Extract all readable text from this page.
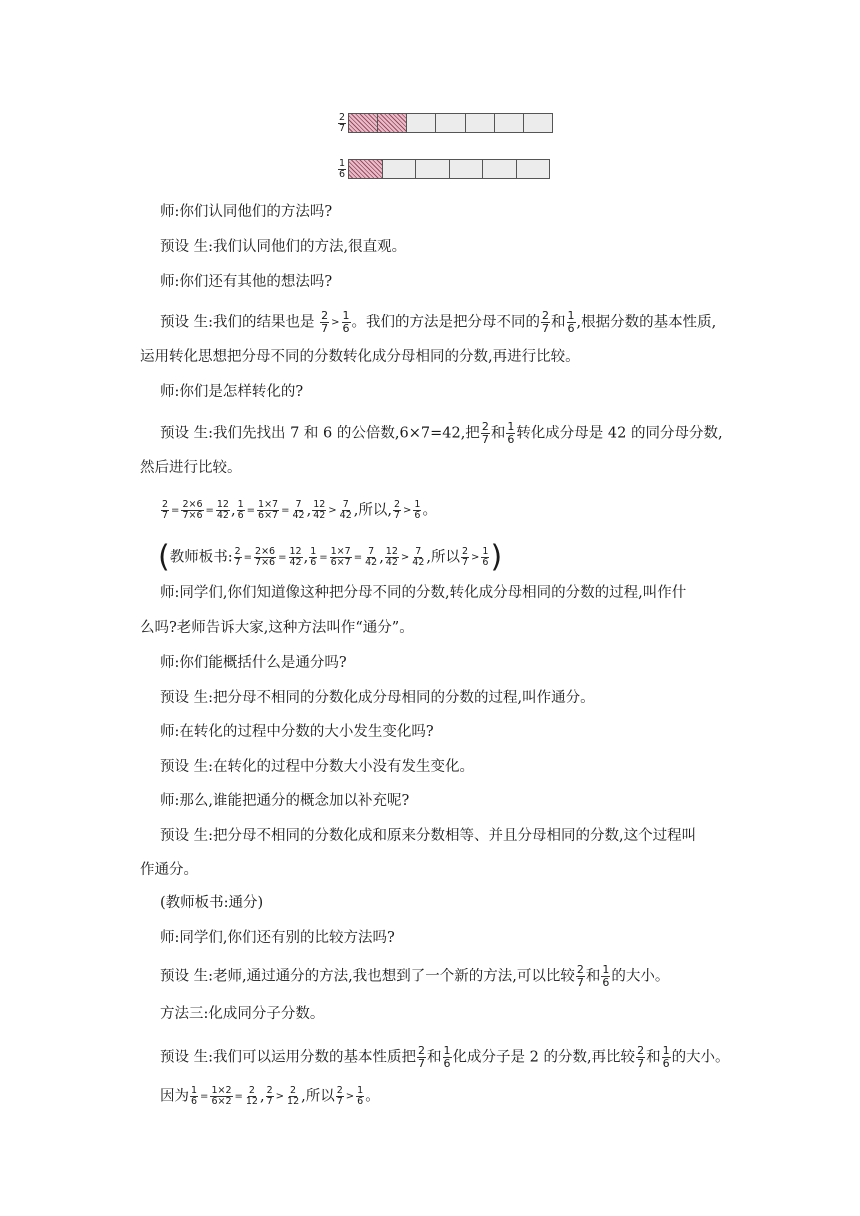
$\frac{2}{7}$
$\frac{1}{6}$
师:你们认同他们的方法吗?
预设 生:我们认同他们的方法,很直观。
师:你们还有其他的想法吗?
预设 生:我们的结果也是 $\frac{2}{7} > \frac{1}{6}$ 。我们的方法是把分母不同的 $\frac{2}{7}$ 和 $\frac{1}{6}$ ,根据分数的基本性质,
运用转化思想把分母不同的分数转化成分母相同的分数,再进行比较。
师:你们是怎样转化的?
预设 生:我们先找出 7 和 6 的公倍数,6×7=42,把 $\frac{2}{7}$ 和 $\frac{1}{6}$ 转化成分母是 42 的同分母分数,
然后进行比较。
$\frac{2}{7} = \frac{2\times 6}{7\times 6} = \frac{12}{42}$ , $\frac{1}{6} = \frac{1\times 7}{6\times 7} = \frac{7}{42}$ , $\frac{12}{42} > \frac{7}{42}$ ,所以, $\frac{2}{7} > \frac{1}{6}$ 。
(教师板书: $\frac{2}{7} = \frac{2\times 6}{7\times 6} = \frac{12}{42}$ , $\frac{1}{6} = \frac{1\times 7}{6\times 7} = \frac{7}{42}$ , $\frac{12}{42} > \frac{7}{42}$ ,所以 $\frac{2}{7} > \frac{1}{6}$ )
师:同学们,你们知道像这种把分母不同的分数,转化成分母相同的分数的过程,叫作什
么吗?老师告诉大家,这种方法叫作“通分”。
师:你们能概括什么是通分吗?
预设 生:把分母不相同的分数化成分母相同的分数的过程,叫作通分。
师:在转化的过程中分数的大小发生变化吗?
预设 生:在转化的过程中分数大小没有发生变化。
师:那么,谁能把通分的概念加以补充呢?
预设 生:把分母不相同的分数化成和原来分数相等、并且分母相同的分数,这个过程叫
作通分。
(教师板书:通分)
师:同学们,你们还有别的比较方法吗?
预设 生:老师,通过通分的方法,我也想到了一个新的方法,可以比较 $\frac{2}{7}$ 和 $\frac{1}{6}$ 的大小。
方法三:化成同分子分数。
预设 生:我们可以运用分数的基本性质把 $\frac{2}{7}$ 和 $\frac{1}{6}$ 化成分子是 2 的分数,再比较 $\frac{2}{7}$ 和 $\frac{1}{6}$ 的大小。
因为 $\frac{1}{6} = \frac{1\times 2}{6\times 2} = \frac{2}{12}$ , $\frac{2}{7} > \frac{2}{12}$ ,所以 $\frac{2}{7} > \frac{1}{6}$ 。
